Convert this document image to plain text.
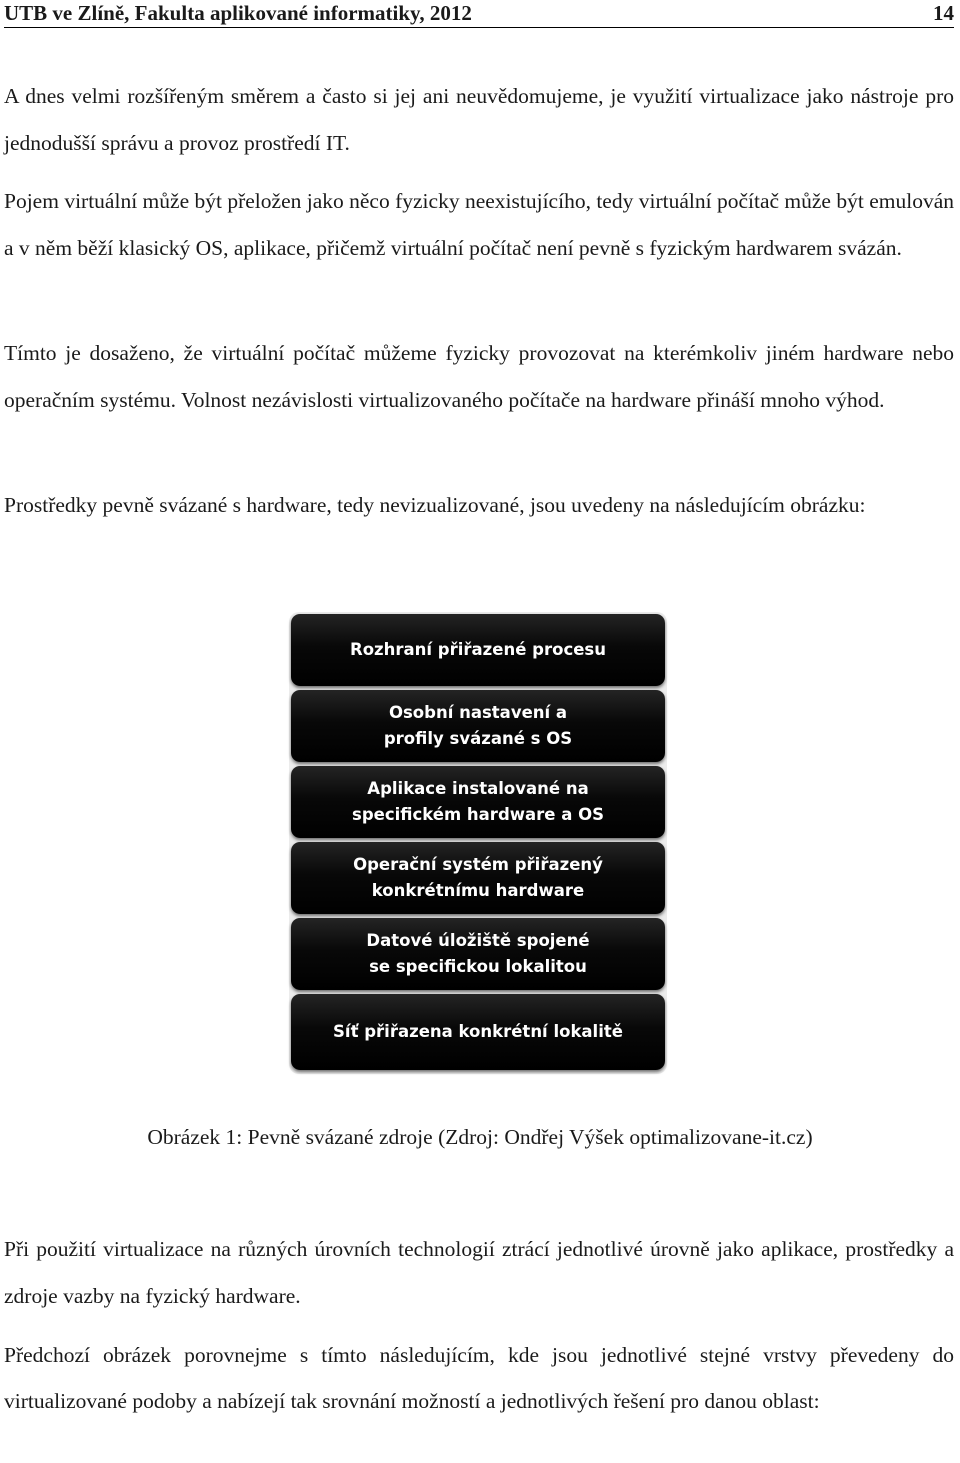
UTB ve Zlíně, Fakulta aplikované informatiky, 2012	14

A dnes velmi rozšířeným směrem a často si jej ani neuvědomujeme, je využití virtualizace jako nástroje pro jednodušší správu a provoz prostředí IT.

Pojem virtuální může být přeložen jako něco fyzicky neexistujícího, tedy virtuální počítač může být emulován a v něm běží klasický OS, aplikace, přičemž virtuální počítač není pevně s fyzickým hardwarem svázán.

Tímto je dosaženo, že virtuální počítač můžeme fyzicky provozovat na kterémkoliv jiném hardware nebo operačním systému. Volnost nezávislosti virtualizovaného počítače na hardware přináší mnoho výhod.

Prostředky pevně svázané s hardware, tedy nevizualizované, jsou uvedeny na následujícím obrázku:

Rozhraní přiřazené procesu
Osobní nastavení a
profily svázané s OS
Aplikace instalované na
specifickém hardware a OS
Operační systém přiřazený
konkrétnímu hardware
Datové úložiště spojené
se specifickou lokalitou
Síť přiřazena konkrétní lokalitě
Obrázek 1: Pevně svázané zdroje (Zdroj: Ondřej Výšek optimalizovane-it.cz)

Při použití virtualizace na různých úrovních technologií ztrácí jednotlivé úrovně jako aplikace, prostředky a zdroje vazby na fyzický hardware.

Předchozí obrázek porovnejme s tímto následujícím, kde jsou jednotlivé stejné vrstvy převedeny do virtualizované podoby a nabízejí tak srovnání možností a jednotlivých řešení pro danou oblast:
